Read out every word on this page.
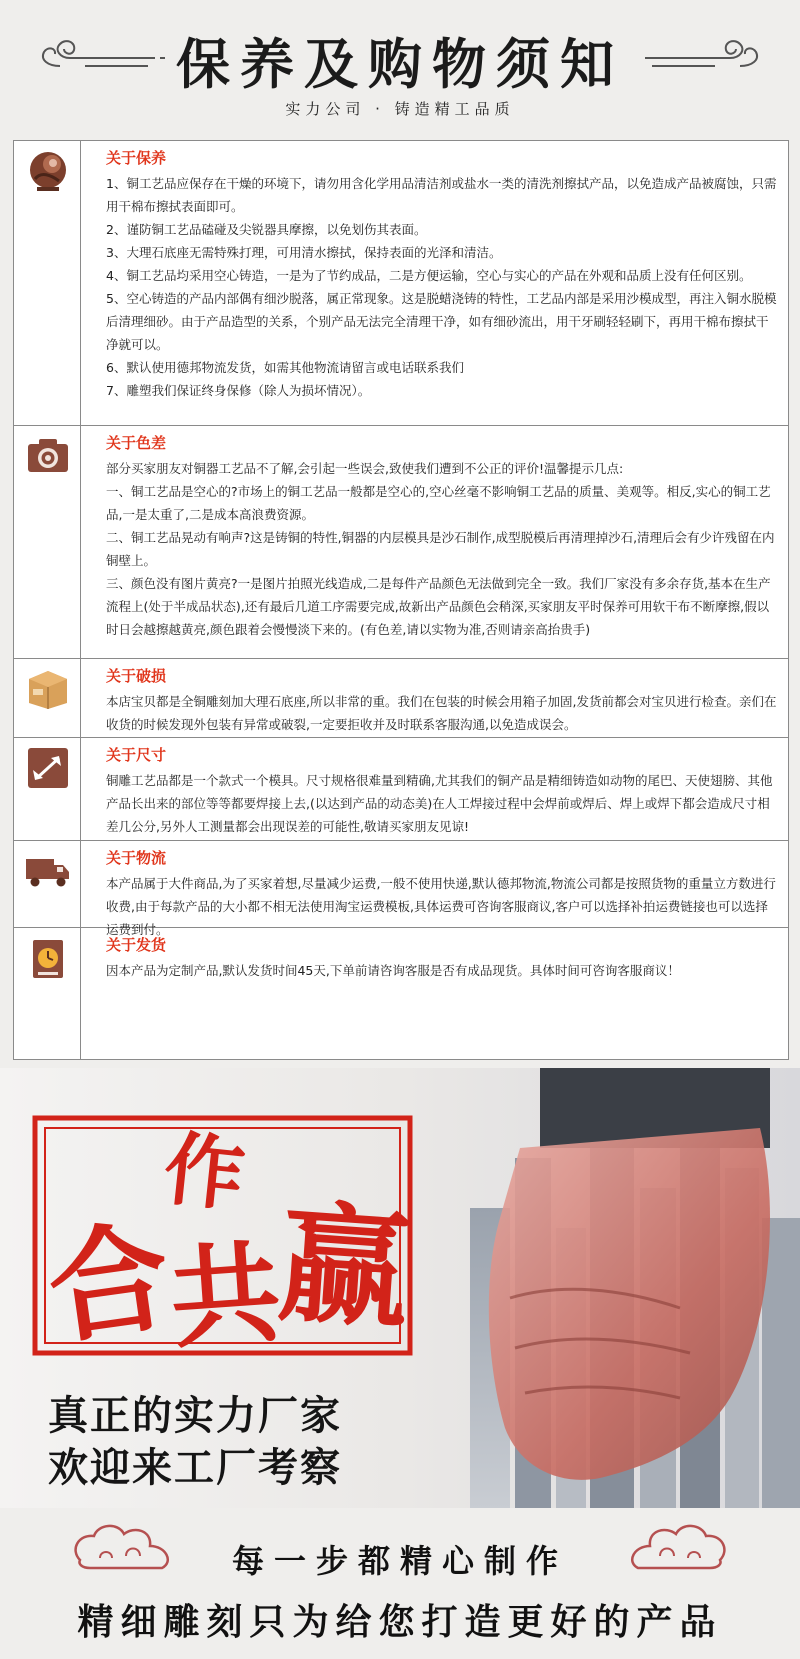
保养及购物须知
实力公司 · 铸造精工品质
关于保养

1、铜工艺品应保存在干燥的环境下，请勿用含化学用品清洁剂或盐水一类的清洗剂擦拭产品，以免造成产品被腐蚀，只需用干棉布擦拭表面即可。

2、谨防铜工艺品磕碰及尖锐器具摩擦，以免划伤其表面。

3、大理石底座无需特殊打理，可用清水擦拭，保持表面的光泽和清洁。

4、铜工艺品均采用空心铸造，一是为了节约成品，二是方便运输，空心与实心的产品在外观和品质上没有任何区别。

5、空心铸造的产品内部偶有细沙脱落，属正常现象。这是脱蜡浇铸的特性，工艺品内部是采用沙模成型，再注入铜水脱模后清理细砂。由于产品造型的关系，个别产品无法完全清理干净，如有细砂流出，用干牙刷轻轻刷下，再用干棉布擦拭干净就可以。

6、默认使用德邦物流发货，如需其他物流请留言或电话联系我们

7、雕塑我们保证终身保修（除人为损坏情况）。

关于色差

部分买家朋友对铜器工艺品不了解,会引起一些误会,致使我们遭到不公正的评价!温馨提示几点:

一、铜工艺品是空心的?市场上的铜工艺品一般都是空心的,空心丝毫不影响铜工艺品的质量、美观等。相反,实心的铜工艺品,一是太重了,二是成本高浪费资源。

二、铜工艺品晃动有响声?这是铸铜的特性,铜器的内层模具是沙石制作,成型脱模后再清理掉沙石,清理后会有少许残留在内铜壁上。

三、颜色没有图片黄亮?一是图片拍照光线造成,二是每件产品颜色无法做到完全一致。我们厂家没有多余存货,基本在生产流程上(处于半成品状态),还有最后几道工序需要完成,故新出产品颜色会稍深,买家朋友平时保养可用软干布不断摩擦,假以时日会越擦越黄亮,颜色跟着会慢慢淡下来的。(有色差,请以实物为准,否则请亲高抬贵手)

关于破损

本店宝贝都是全铜雕刻加大理石底座,所以非常的重。我们在包装的时候会用箱子加固,发货前都会对宝贝进行检查。亲们在收货的时候发现外包装有异常或破裂,一定要拒收并及时联系客服沟通,以免造成误会。

关于尺寸

铜雕工艺品都是一个款式一个模具。尺寸规格很难量到精确,尤其我们的铜产品是精细铸造如动物的尾巴、天使翅膀、其他产品长出来的部位等等都要焊接上去,(以达到产品的动态美)在人工焊接过程中会焊前或焊后、焊上或焊下都会造成尺寸相差几公分,另外人工测量都会出现误差的可能性,敬请买家朋友见谅!

关于物流

本产品属于大件商品,为了买家着想,尽量减少运费,一般不使用快递,默认德邦物流,物流公司都是按照货物的重量立方数进行收费,由于每款产品的大小都不相无法使用淘宝运费模板,具体运费可咨询客服商议,客户可以选择补拍运费链接也可以选择运费到付。

关于发货

因本产品为定制产品,默认发货时间45天,下单前请咨询客服是否有成品现货。具体时间可咨询客服商议！

合
作
共
赢
真正的实力厂家
欢迎来工厂考察
每一步都精心制作
精细雕刻只为给您打造更好的产品
